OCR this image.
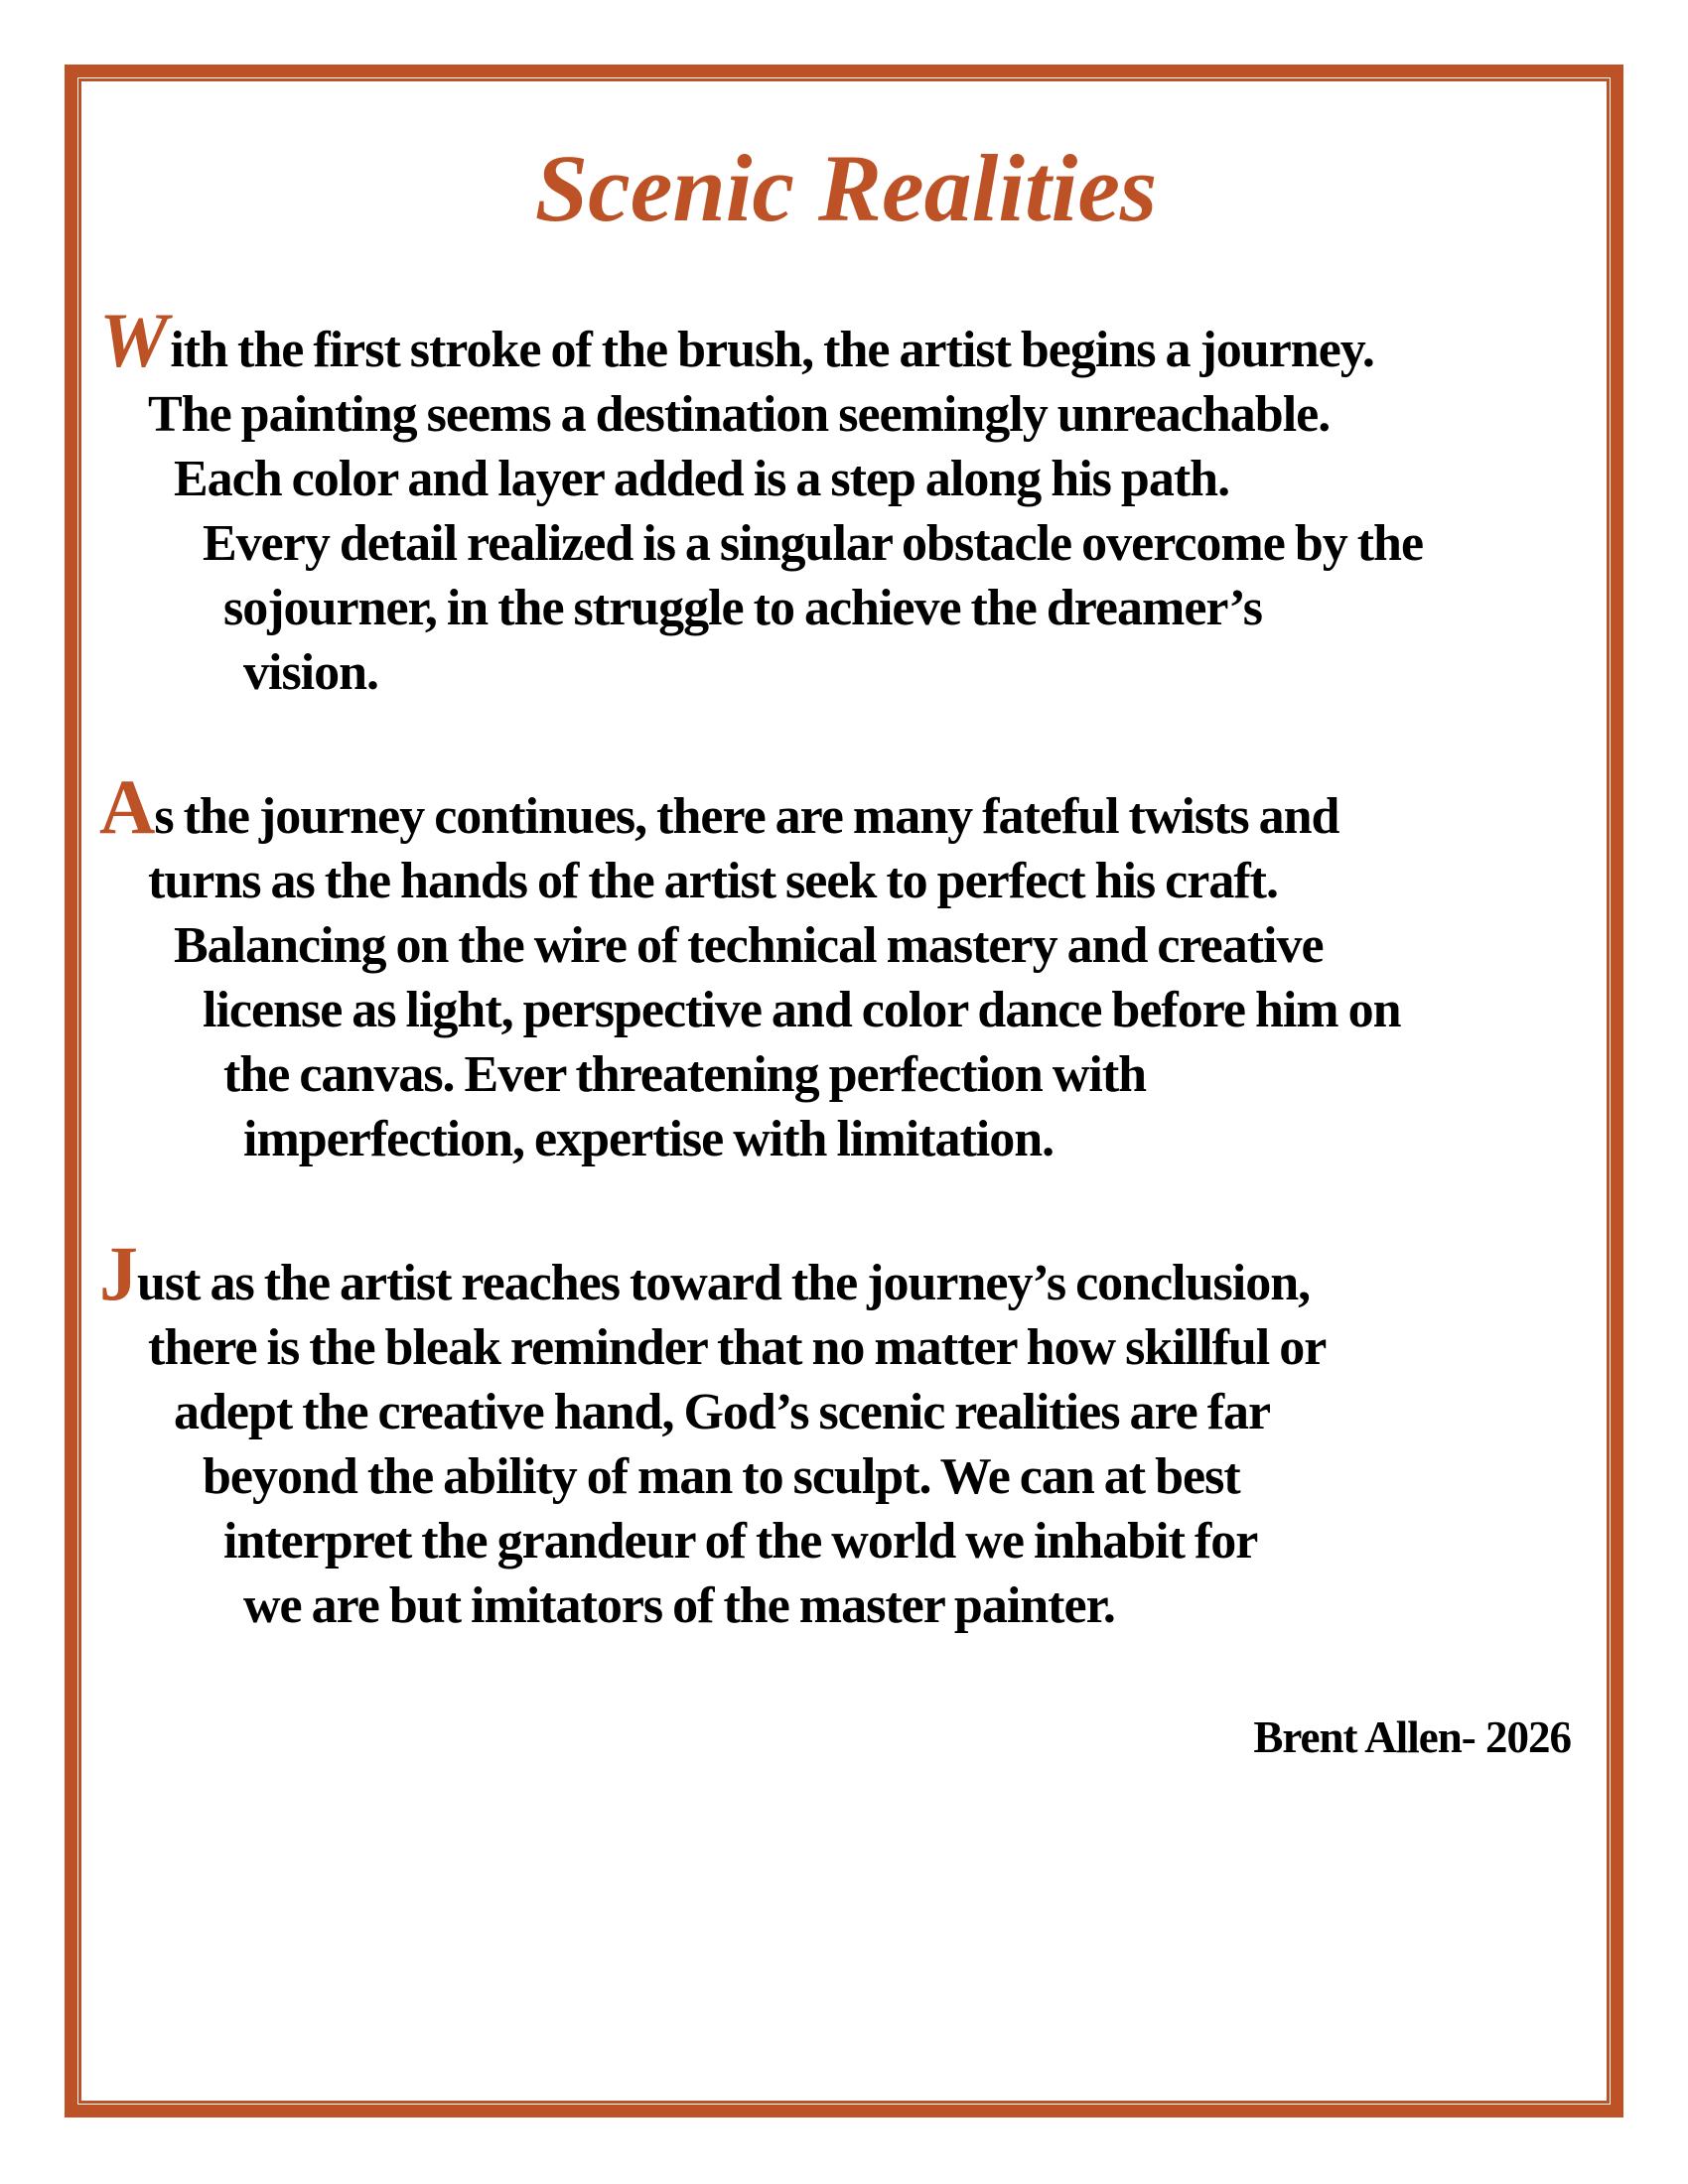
Scenic Realities
With the first stroke of the brush, the artist begins a journey.
The painting seems a destination seemingly unreachable.
Each color and layer added is a step along his path.
Every detail realized is a singular obstacle overcome by the
sojourner, in the struggle to achieve the dreamer’s
vision.
As the journey continues, there are many fateful twists and
turns as the hands of the artist seek to perfect his craft.
Balancing on the wire of technical mastery and creative
license as light, perspective and color dance before him on
the canvas. Ever threatening perfection with
imperfection, expertise with limitation.
Just as the artist reaches toward the journey’s conclusion,
there is the bleak reminder that no matter how skillful or
adept the creative hand, God’s scenic realities are far
beyond the ability of man to sculpt. We can at best
interpret the grandeur of the world we inhabit for
we are but imitators of the master painter.
Brent Allen- 2026
